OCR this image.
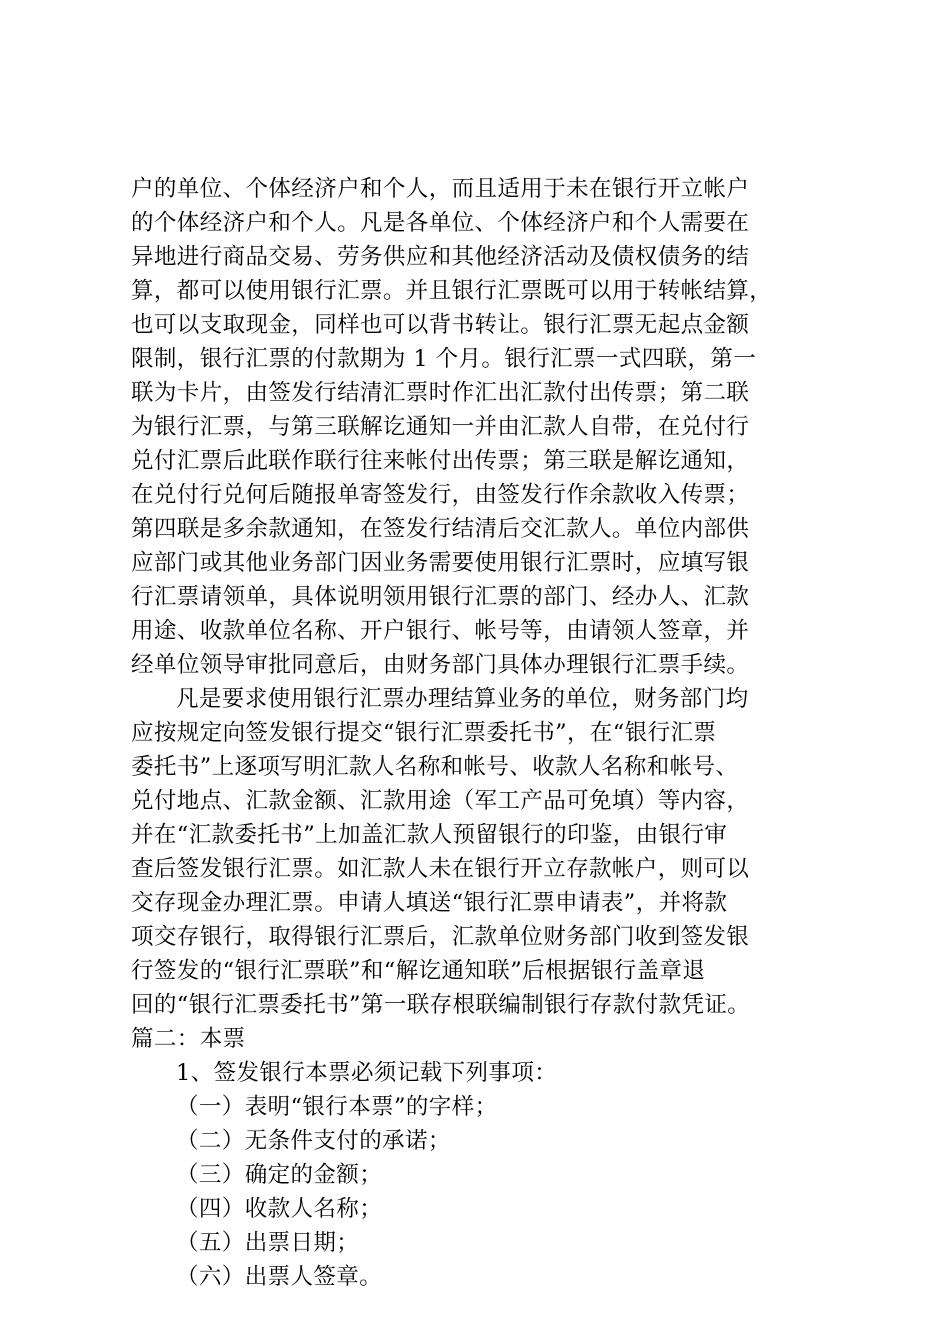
户的单位、个体经济户和个人，而且适用于未在银行开立帐户
的个体经济户和个人。凡是各单位、个体经济户和个人需要在
异地进行商品交易、劳务供应和其他经济活动及债权债务的结
算，都可以使用银行汇票。并且银行汇票既可以用于转帐结算，
也可以支取现金，同样也可以背书转让。银行汇票无起点金额
限制，银行汇票的付款期为 1 个月。银行汇票一式四联，第一
联为卡片，由签发行结清汇票时作汇出汇款付出传票；第二联
为银行汇票，与第三联解讫通知一并由汇款人自带，在兑付行
兑付汇票后此联作联行往来帐付出传票；第三联是解讫通知，
在兑付行兑何后随报单寄签发行，由签发行作余款收入传票；
第四联是多余款通知，在签发行结清后交汇款人。单位内部供
应部门或其他业务部门因业务需要使用银行汇票时，应填写银
行汇票请领单，具体说明领用银行汇票的部门、经办人、汇款
用途、收款单位名称、开户银行、帐号等，由请领人签章，并
经单位领导审批同意后，由财务部门具体办理银行汇票手续。
凡是要求使用银行汇票办理结算业务的单位，财务部门均
应按规定向签发银行提交“银行汇票委托书”，在“银行汇票
委托书”上逐项写明汇款人名称和帐号、收款人名称和帐号、
兑付地点、汇款金额、汇款用途（军工产品可免填）等内容，
并在“汇款委托书”上加盖汇款人预留银行的印鉴，由银行审
查后签发银行汇票。如汇款人未在银行开立存款帐户，则可以
交存现金办理汇票。申请人填送“银行汇票申请表”，并将款
项交存银行，取得银行汇票后，汇款单位财务部门收到签发银
行签发的“银行汇票联”和“解讫通知联”后根据银行盖章退
回的“银行汇票委托书”第一联存根联编制银行存款付款凭证。
篇二：本票
1、签发银行本票必须记载下列事项：
（一）表明“银行本票”的字样；
（二）无条件支付的承诺；
（三）确定的金额；
（四）收款人名称；
（五）出票日期；
（六）出票人签章。
